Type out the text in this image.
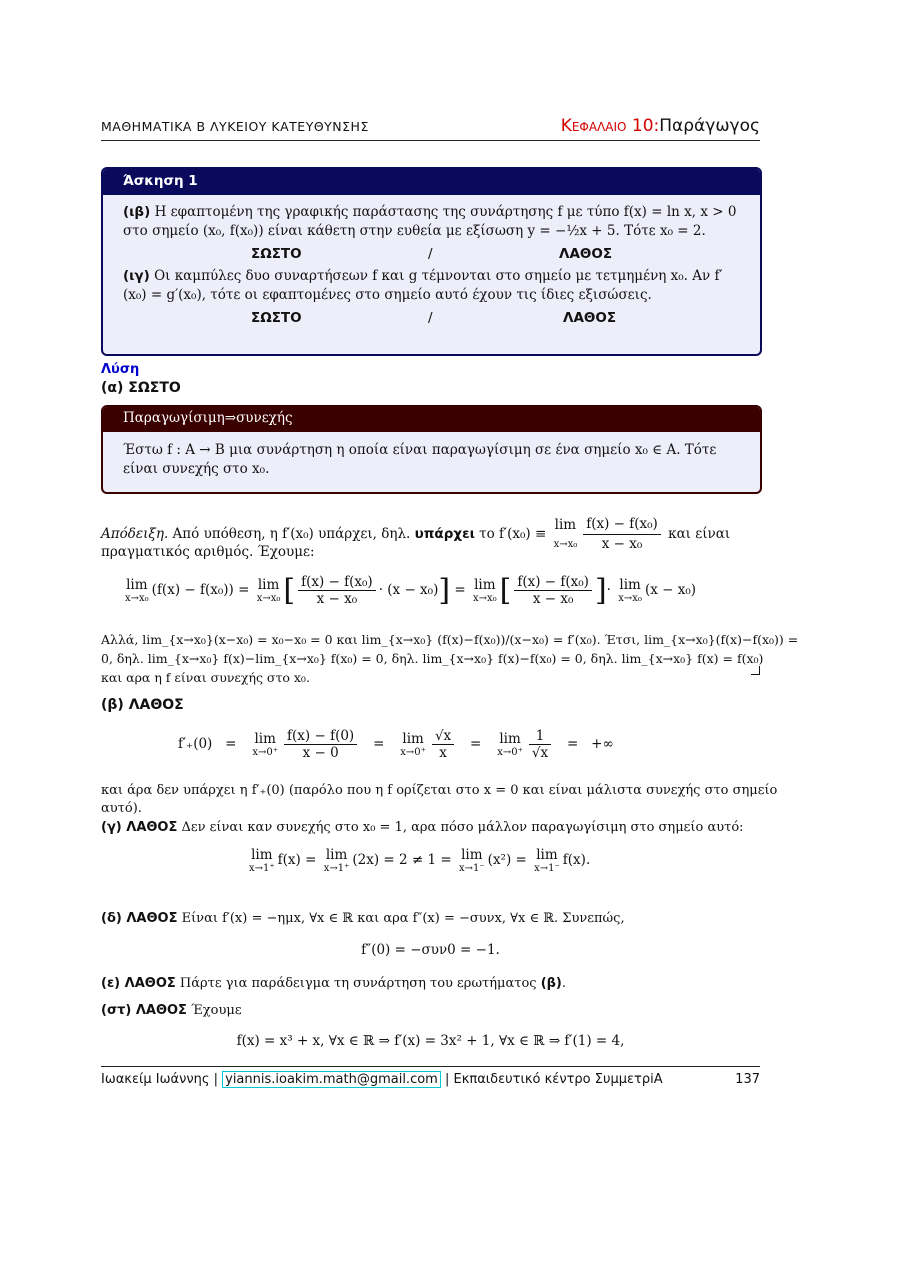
ΜΑΘΗΜΑΤΙΚΑ Β ΛΥΚΕΙΟΥ ΚΑΤΕΥΘΥΝΣΗΣ	Κεφαλαιο 10:Παράγωγος
Άσκηση 1

(ιβ) Η εφαπτομένη της γραφικής παράστασης της συνάρτησης f με τύπο f(x) = ln x, x > 0 στο σημείο (x₀, f(x₀)) είναι κάθετη στην ευθεία με εξίσωση y = −½x + 5. Τότε x₀ = 2.

ΣΩΣΤΟ	/	ΛΑΘΟΣ

(ιγ) Οι καμπύλες δυο συναρτήσεων f και g τέμνονται στο σημείο με τετμημένη x₀. Αν f′(x₀) = g′(x₀), τότε οι εφαπτομένες στο σημείο αυτό έχουν τις ίδιες εξισώσεις.

ΣΩΣΤΟ	/	ΛΑΘΟΣ
Λύση
(α) ΣΩΣΤΟ
Παραγωγίσιμη⇒συνεχής
Έστω f : A → B μια συνάρτηση η οποία είναι παραγωγίσιμη σε ένα σημείο x₀ ∈ A. Τότε είναι συνεχής στο x₀.
Απόδειξη. Από υπόθεση, η f′(x₀) υπάρχει, δηλ. υπάρχει το f′(x₀) ≡ lim
$x\to x_0 \frac{\text{f(x) − f(x₀)}}{\text{x − x₀}}$ και είναι
πραγματικός αριθμός. Έχουμε:
lim
x→x₀
(f(x) − f(x₀)) = lim
x→x₀ [ $\frac{\text{f(x) − f(x₀)}}{\text{x − x₀}} \cdot (x - x_0)] = \lim$
x→x₀ [ $\frac{\text{f(x) − f(x₀)}}{\text{x − x₀}}$ ]· lim
x→x₀
(x − x₀)
Αλλά, lim_{x→x₀}(x−x₀) = x₀−x₀ = 0 και lim_{x→x₀} (f(x)−f(x₀))/(x−x₀) = f′(x₀). Έτσι, lim_{x→x₀}(f(x)−f(x₀)) =
0, δηλ. lim_{x→x₀} f(x)−lim_{x→x₀} f(x₀) = 0, δηλ. lim_{x→x₀} f(x)−f(x₀) = 0, δηλ. lim_{x→x₀} f(x) = f(x₀)
και αρα η f είναι συνεχής στο x₀.
(β) ΛΑΘΟΣ
f′₊(0)   =   lim
$x\to 0^+ \frac{f(x) - f(0)}{x - 0} = \lim$
$x\to 0^+ \frac{√x}{x} = \lim$
$x\to 0^+ \frac{1}{√x}$ =   +∞
και άρα δεν υπάρχει η f′₊(0) (παρόλο που η f ορίζεται στο x = 0 και είναι μάλιστα συνεχής στο σημείο
αυτό).
(γ) ΛΑΘΟΣ Δεν είναι καν συνεχής στο x₀ = 1, αρα πόσο μάλλον παραγωγίσιμη στο σημείο αυτό:
lim
x→1⁺
f(x) = lim
x→1⁺
(2x) = 2 ≠ 1 = lim
x→1⁻
(x²) = lim
x→1⁻
f(x).
(δ) ΛΑΘΟΣ Είναι f′(x) = −ημx, ∀x ∈ ℝ και αρα f″(x) = −συνx, ∀x ∈ ℝ. Συνεπώς,
f″(0) = −συν0 = −1.
(ε) ΛΑΘΟΣ Πάρτε για παράδειγμα τη συνάρτηση του ερωτήματος (β).
(στ) ΛΑΘΟΣ Έχουμε
f(x) = x³ + x, ∀x ∈ ℝ ⇒ f′(x) = 3x² + 1, ∀x ∈ ℝ ⇒ f′(1) = 4,
Ιωακείμ Ιωάννης | yiannis.ioakim.math@gmail.com | Εκπαιδευτικό κέντρο ΣυμμετρiA	137
